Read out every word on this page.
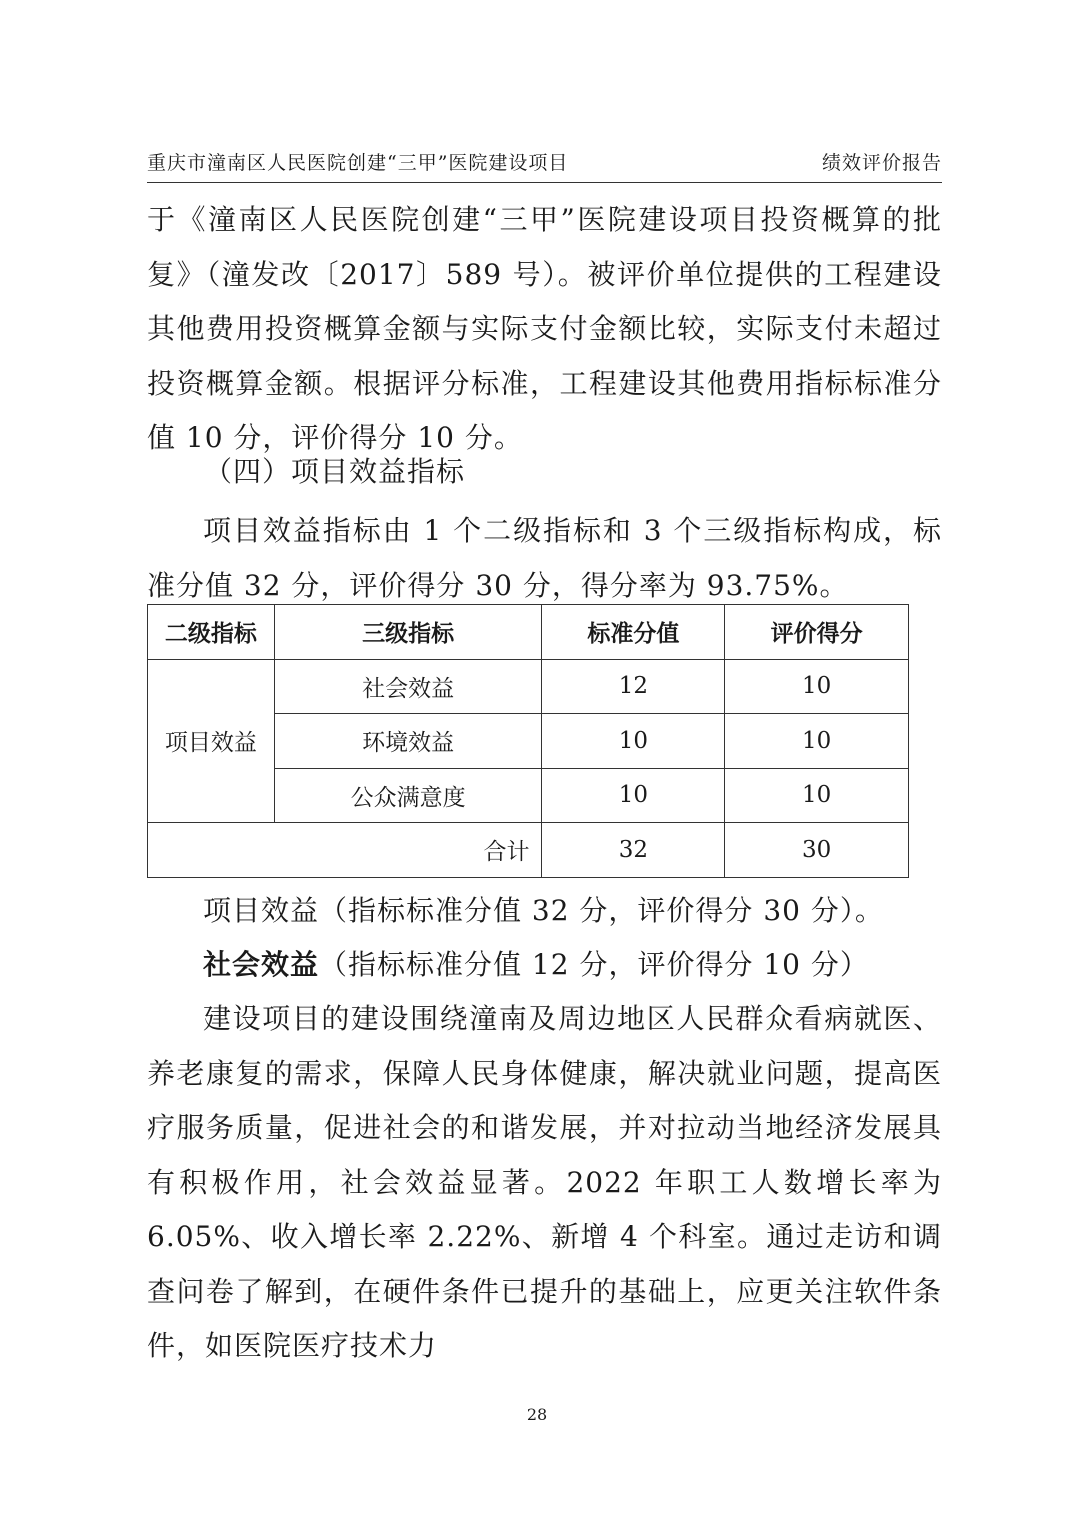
重庆市潼南区人民医院创建“三甲”医院建设项目	绩效评价报告

于《潼南区人民医院创建“三甲”医院建设项目投资概算的批复》（潼发改〔2017〕589 号）。被评价单位提供的工程建设其他费用投资概算金额与实际支付金额比较，实际支付未超过投资概算金额。根据评分标准，工程建设其他费用指标标准分值 10 分，评价得分 10 分。

（四）项目效益指标

项目效益指标由 1 个二级指标和 3 个三级指标构成，标准分值 32 分，评价得分 30 分，得分率为 93.75%。

二级指标	三级指标	标准分值	评价得分
项目效益	社会效益	12	10
	环境效益	10	10
	公众满意度	10	10
合计		32	30

项目效益（指标标准分值 32 分，评价得分 30 分）。

社会效益（指标标准分值 12 分，评价得分 10 分）

建设项目的建设围绕潼南及周边地区人民群众看病就医、养老康复的需求，保障人民身体健康，解决就业问题，提高医疗服务质量，促进社会的和谐发展，并对拉动当地经济发展具有积极作用，社会效益显著。2022 年职工人数增长率为 6.05%、收入增长率 2.22%、新增 4 个科室。通过走访和调查问卷了解到，在硬件条件已提升的基础上，应更关注软件条件，如医院医疗技术力

28
